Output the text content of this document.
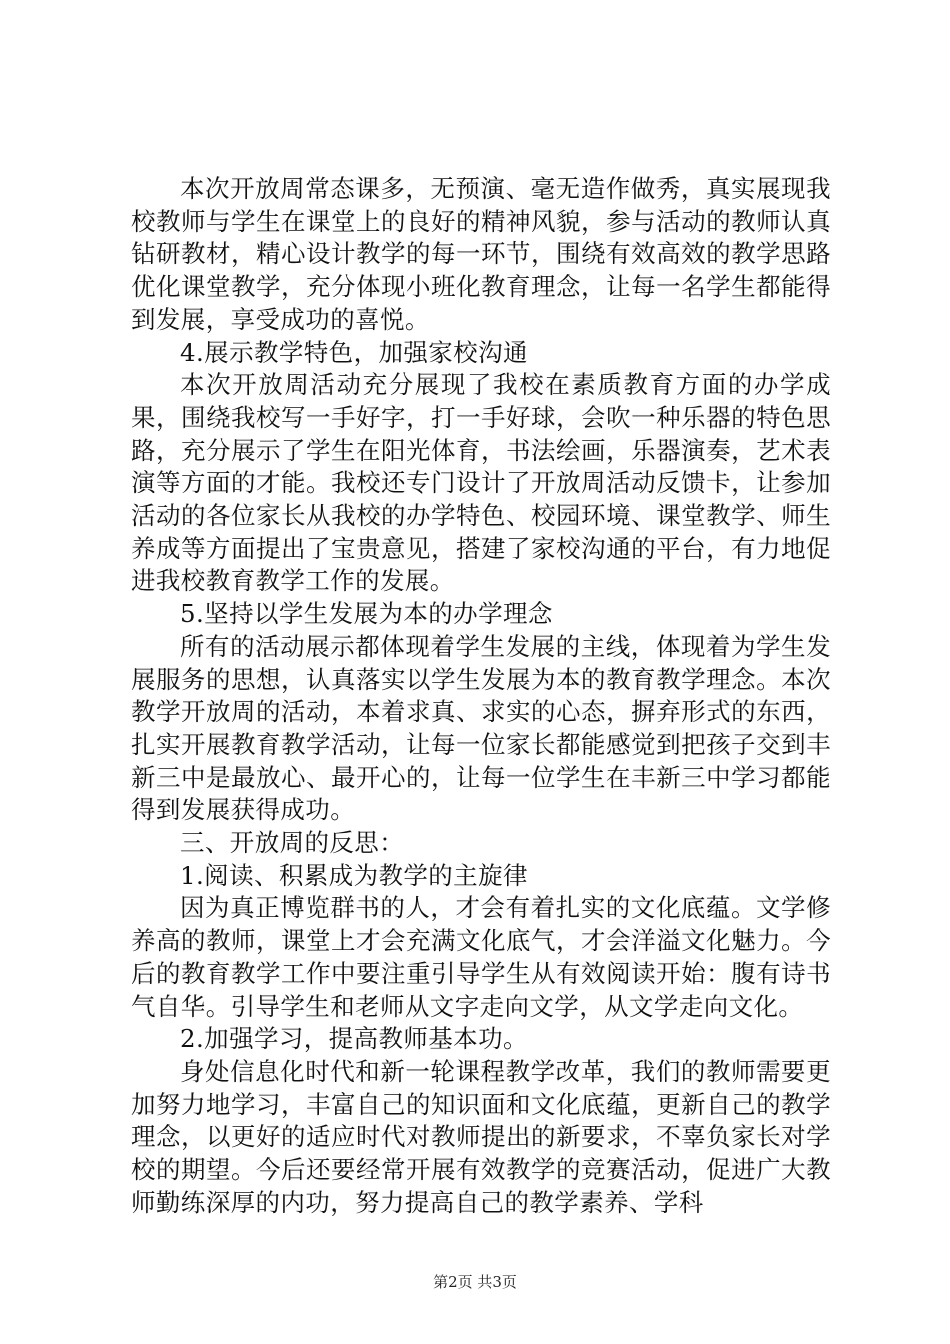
本次开放周常态课多，无预演、毫无造作做秀，真实展现我校教师与学生在课堂上的良好的精神风貌，参与活动的教师认真钻研教材，精心设计教学的每一环节，围绕有效高效的教学思路优化课堂教学，充分体现小班化教育理念，让每一名学生都能得到发展，享受成功的喜悦。

4.展示教学特色，加强家校沟通

本次开放周活动充分展现了我校在素质教育方面的办学成果，围绕我校写一手好字，打一手好球，会吹一种乐器的特色思路，充分展示了学生在阳光体育，书法绘画，乐器演奏，艺术表演等方面的才能。我校还专门设计了开放周活动反馈卡，让参加活动的各位家长从我校的办学特色、校园环境、课堂教学、师生养成等方面提出了宝贵意见，搭建了家校沟通的平台，有力地促进我校教育教学工作的发展。

5.坚持以学生发展为本的办学理念

所有的活动展示都体现着学生发展的主线，体现着为学生发展服务的思想，认真落实以学生发展为本的教育教学理念。本次教学开放周的活动，本着求真、求实的心态，摒弃形式的东西，扎实开展教育教学活动，让每一位家长都能感觉到把孩子交到丰新三中是最放心、最开心的，让每一位学生在丰新三中学习都能得到发展获得成功。

三、开放周的反思：

1.阅读、积累成为教学的主旋律

因为真正博览群书的人，才会有着扎实的文化底蕴。文学修养高的教师，课堂上才会充满文化底气，才会洋溢文化魅力。今后的教育教学工作中要注重引导学生从有效阅读开始：腹有诗书气自华。引导学生和老师从文字走向文学，从文学走向文化。

2.加强学习，提高教师基本功。

身处信息化时代和新一轮课程教学改革，我们的教师需要更加努力地学习，丰富自己的知识面和文化底蕴，更新自己的教学理念，以更好的适应时代对教师提出的新要求，不辜负家长对学校的期望。今后还要经常开展有效教学的竞赛活动，促进广大教师勤练深厚的内功，努力提高自己的教学素养、学科

第2页 共3页
